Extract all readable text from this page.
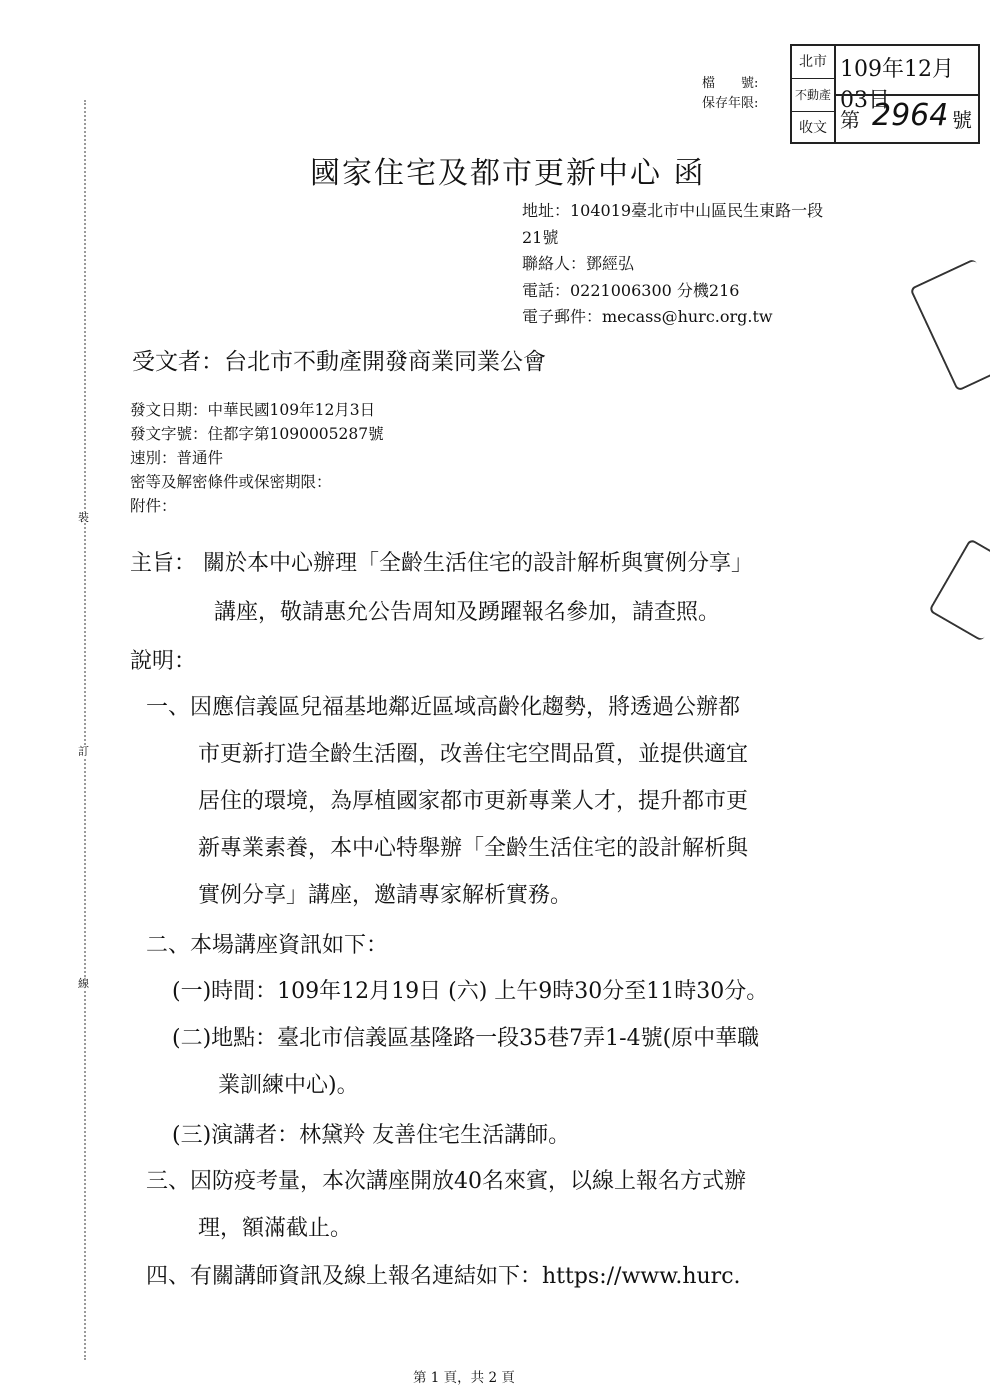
裝
訂
線
檔　　號:
保存年限:
北市
不動產
收文
109年12月03日
第 2964 號
國家住宅及都市更新中心 函
地址：104019臺北市中山區民生東路一段
21號
聯絡人：鄧經弘
電話：0221006300 分機216
電子郵件：mecass@hurc.org.tw
受文者：台北市不動產開發商業同業公會
發文日期：中華民國109年12月3日
發文字號：住都字第1090005287號
速別：普通件
密等及解密條件或保密期限：
附件：
主旨： 關於本中心辦理「全齡生活住宅的設計解析與實例分享」
講座，敬請惠允公告周知及踴躍報名參加，請查照。
說明：
一、因應信義區兒福基地鄰近區域高齡化趨勢，將透過公辦都
市更新打造全齡生活圈，改善住宅空間品質，並提供適宜
居住的環境，為厚植國家都市更新專業人才，提升都市更
新專業素養，本中心特舉辦「全齡生活住宅的設計解析與
實例分享」講座，邀請專家解析實務。
二、本場講座資訊如下：
(一)時間：109年12月19日 (六) 上午9時30分至11時30分。
(二)地點：臺北市信義區基隆路一段35巷7弄1-4號(原中華職
業訓練中心)。
(三)演講者：林黛羚 友善住宅生活講師。
三、因防疫考量，本次講座開放40名來賓，以線上報名方式辦
理，額滿截止。
四、有關講師資訊及線上報名連結如下：https://www.hurc.
第 1 頁，共 2 頁
